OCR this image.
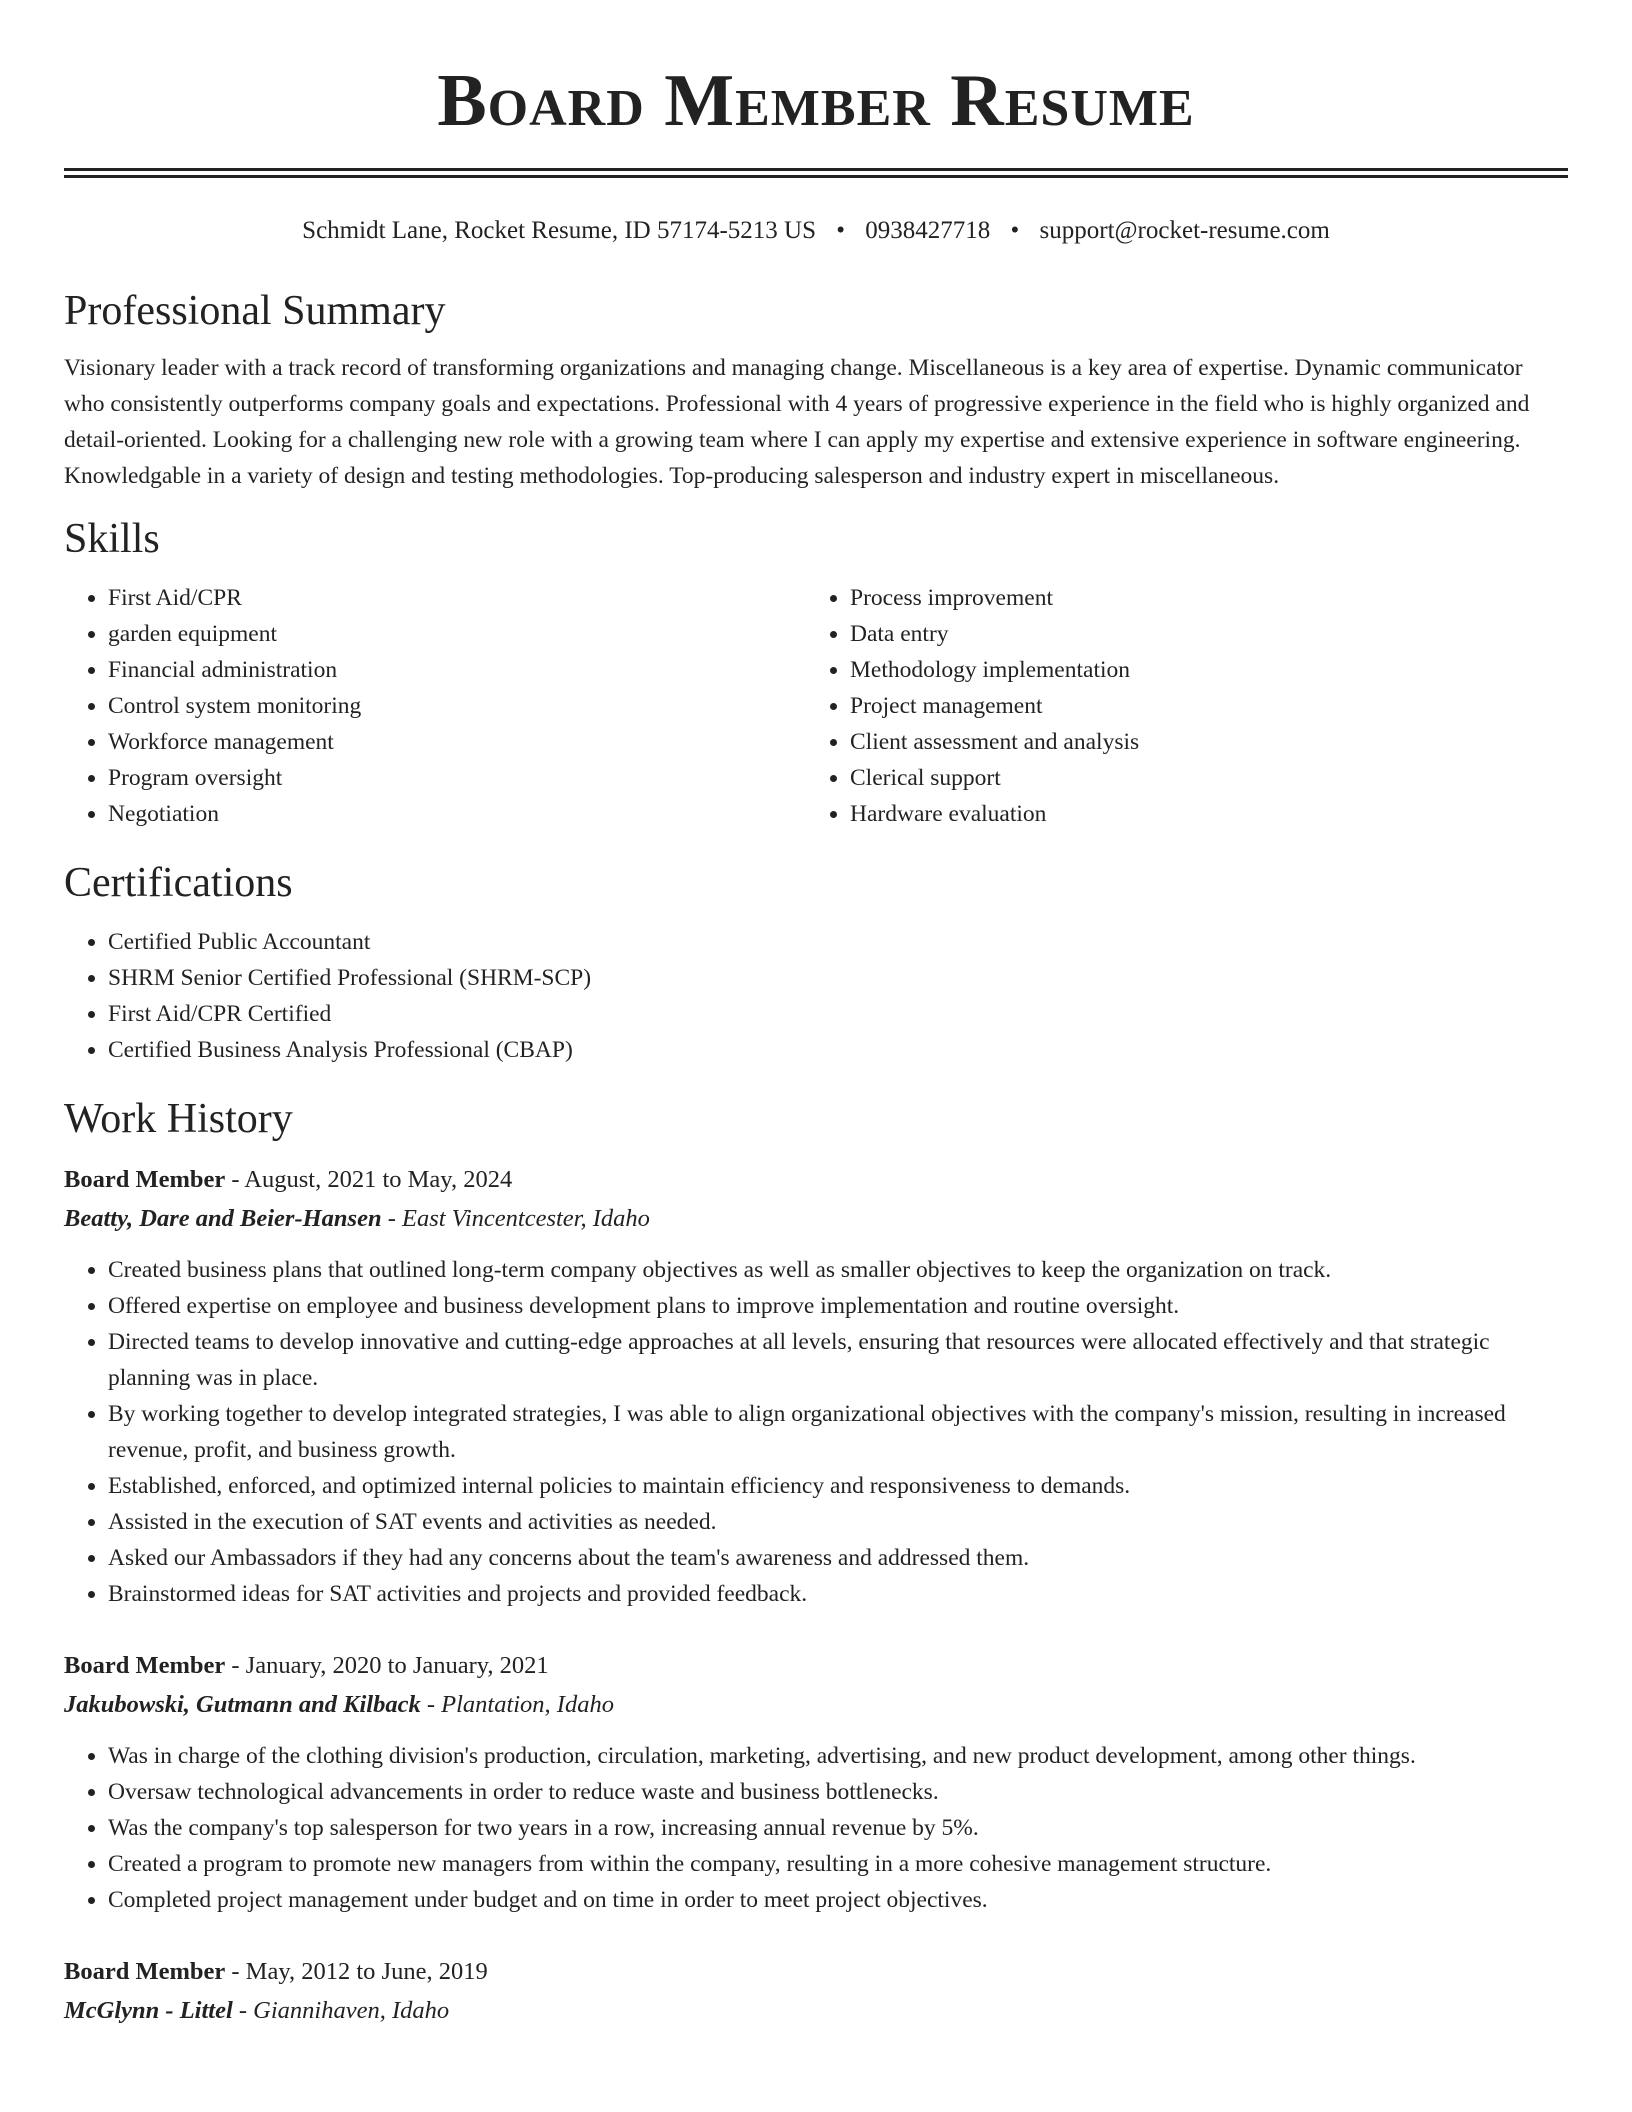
Board Member Resume
Schmidt Lane, Rocket Resume, ID 57174-5213 US • 0938427718 • support@rocket-resume.com
Professional Summary

Visionary leader with a track record of transforming organizations and managing change. Miscellaneous is a key area of expertise. Dynamic communicator who consistently outperforms company goals and expectations. Professional with 4 years of progressive experience in the field who is highly organized and detail-oriented. Looking for a challenging new role with a growing team where I can apply my expertise and extensive experience in software engineering. Knowledgable in a variety of design and testing methodologies. Top-producing salesperson and industry expert in miscellaneous.

Skills
• First Aid/CPR
• garden equipment
• Financial administration
• Control system monitoring
• Workforce management
• Program oversight
• Negotiation
• Process improvement
• Data entry
• Methodology implementation
• Project management
• Client assessment and analysis
• Clerical support
• Hardware evaluation
Certifications
• Certified Public Accountant
• SHRM Senior Certified Professional (SHRM-SCP)
• First Aid/CPR Certified
• Certified Business Analysis Professional (CBAP)
Work History
Board Member - August, 2021 to May, 2024
Beatty, Dare and Beier-Hansen - East Vincentcester, Idaho
• Created business plans that outlined long-term company objectives as well as smaller objectives to keep the organization on track.
• Offered expertise on employee and business development plans to improve implementation and routine oversight.
• Directed teams to develop innovative and cutting-edge approaches at all levels, ensuring that resources were allocated effectively and that strategic planning was in place.
• By working together to develop integrated strategies, I was able to align organizational objectives with the company's mission, resulting in increased revenue, profit, and business growth.
• Established, enforced, and optimized internal policies to maintain efficiency and responsiveness to demands.
• Assisted in the execution of SAT events and activities as needed.
• Asked our Ambassadors if they had any concerns about the team's awareness and addressed them.
• Brainstormed ideas for SAT activities and projects and provided feedback.
Board Member - January, 2020 to January, 2021
Jakubowski, Gutmann and Kilback - Plantation, Idaho
• Was in charge of the clothing division's production, circulation, marketing, advertising, and new product development, among other things.
• Oversaw technological advancements in order to reduce waste and business bottlenecks.
• Was the company's top salesperson for two years in a row, increasing annual revenue by 5%.
• Created a program to promote new managers from within the company, resulting in a more cohesive management structure.
• Completed project management under budget and on time in order to meet project objectives.
Board Member - May, 2012 to June, 2019
McGlynn - Littel - Giannihaven, Idaho
